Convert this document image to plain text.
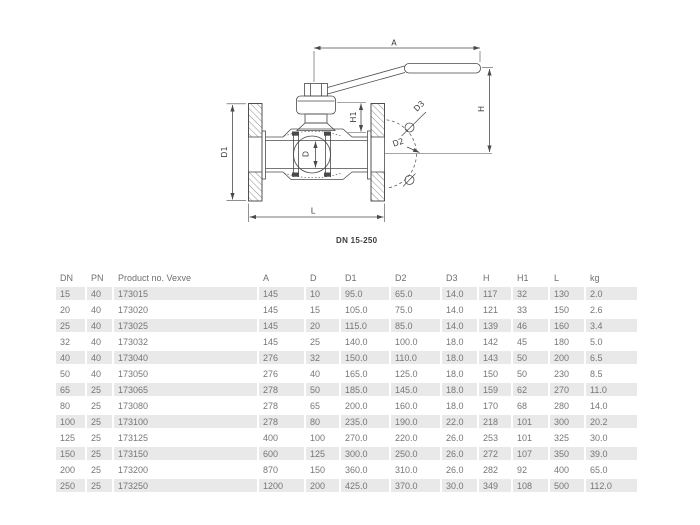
A
H
H1
D
D1
D2
D3
L
DN 15-250
DN	PN	Product no. Vexve	A	D	D1	D2	D3	H	H1	L	kg
15	40	173015	145	10	95.0	65.0	14.0	117	32	130	2.0
20	40	173020	145	15	105.0	75.0	14.0	121	33	150	2.6
25	40	173025	145	20	115.0	85.0	14.0	139	46	160	3.4
32	40	173032	145	25	140.0	100.0	18.0	142	45	180	5.0
40	40	173040	276	32	150.0	110.0	18.0	143	50	200	6.5
50	40	173050	276	40	165.0	125.0	18.0	150	50	230	8.5
65	25	173065	278	50	185.0	145.0	18.0	159	62	270	11.0
80	25	173080	278	65	200.0	160.0	18.0	170	68	280	14.0
100	25	173100	278	80	235.0	190.0	22.0	218	101	300	20.2
125	25	173125	400	100	270.0	220.0	26.0	253	101	325	30.0
150	25	173150	600	125	300.0	250.0	26.0	272	107	350	39.0
200	25	173200	870	150	360.0	310.0	26.0	282	92	400	65.0
250	25	173250	1200	200	425.0	370.0	30.0	349	108	500	112.0
